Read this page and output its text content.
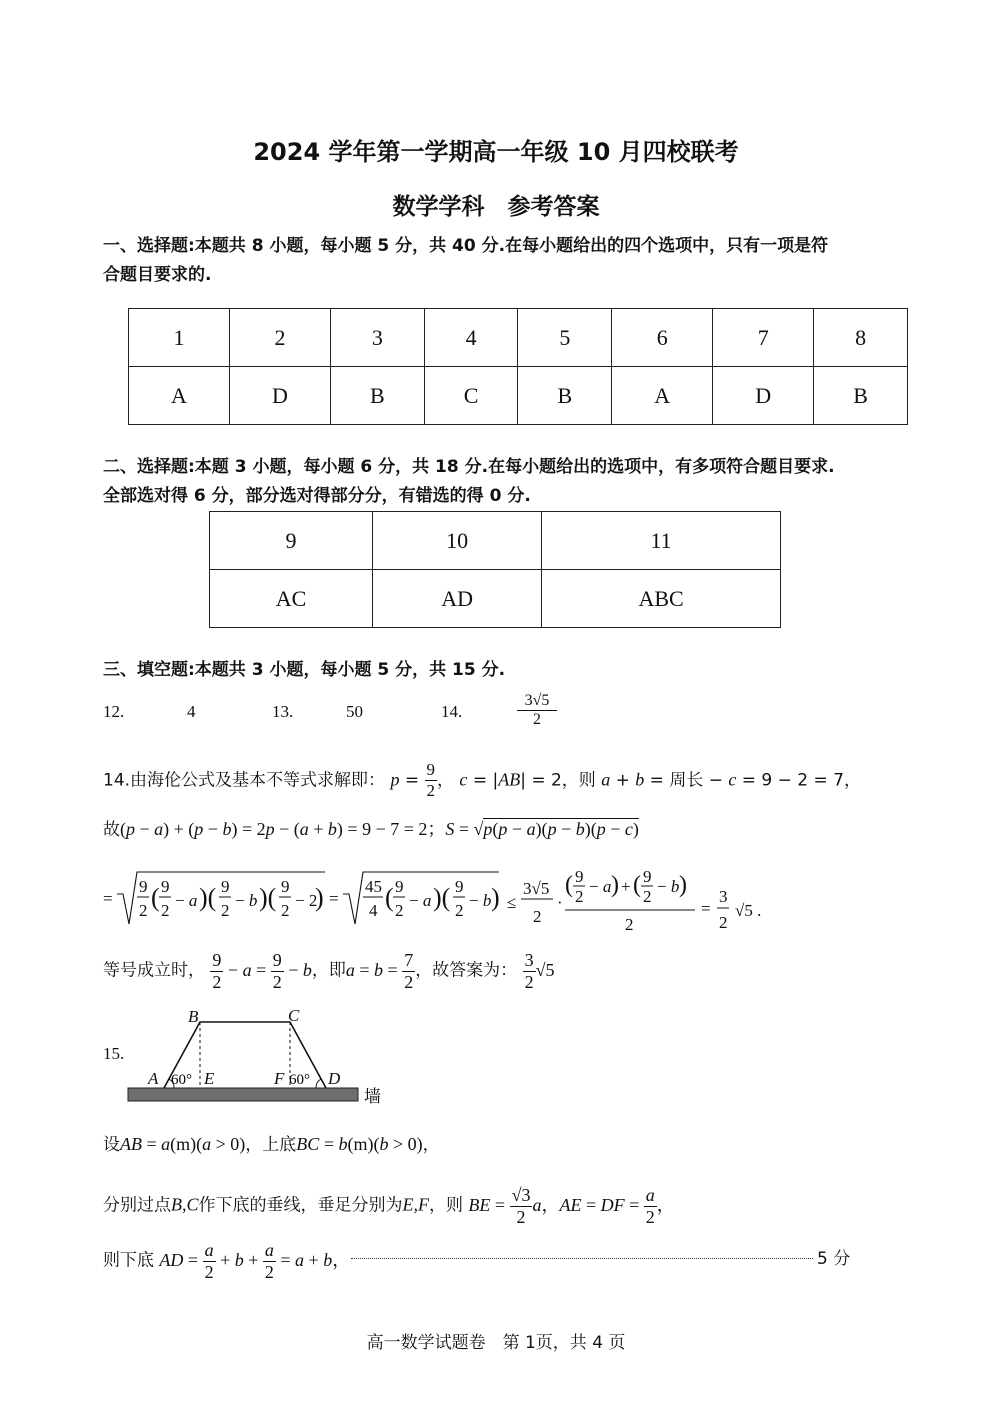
2024 学年第一学期高一年级 10 月四校联考
数学学科　参考答案
一、选择题:本题共 8 小题，每小题 5 分，共 40 分.在每小题给出的四个选项中，只有一项是符
合题目要求的.
1	2	3	4	5	6	7	8
A	D	B	C	B	A	D	B
二、选择题:本题 3 小题，每小题 6 分，共 18 分.在每小题给出的选项中，有多项符合题目要求.
全部选对得 6 分，部分选对得部分分，有错选的得 0 分.
9	10	11
AC	AD	ABC
三、填空题:本题共 3 小题，每小题 5 分，共 15 分.
12.	4	13.	50	14.	$\frac{3√5}{2}$
14.由海伦公式及基本不等式求解即： $p = \frac{9}{2}$ ， c = |AB| = 2，则 a + b = 周长 − c = 9 − 2 = 7，
故(p − a) + (p − b) = 2p − (a + b) = 9 − 7 = 2；S = √p(p − a)(p − b)(p − c)
=
9
2 ( 9
2
− a )( 9
2
− b )( 9
2
− 2
) =
45
4 ( 9
2
− a )( 9
2
− b ) ≤
3√5
2
·
( 9
2
− a ) + ( 9
2
− b )
2
=
3
2
√5 .
等号成立时， $\frac{9}{2} - a = \frac{9}{2} - b$，即$a = b = \frac{7}{2}$ ，故答案为： $\frac{3}{2} √5$
15.
B	C
A	E	F	D
60°	60°
墙
设AB = a(m)(a > 0)，上底BC = b(m)(b > 0)，
分别过点B,C作下底的垂线，垂足分别为E,F，则 BE = $\frac{√3}{2}$ a，AE = DF = $\frac{a}{2}$ ，
则下底 AD = $\frac{a}{2} + b + \frac{a}{2} = a + b$，	5 分
高一数学试题卷　第 1页，共 4 页
